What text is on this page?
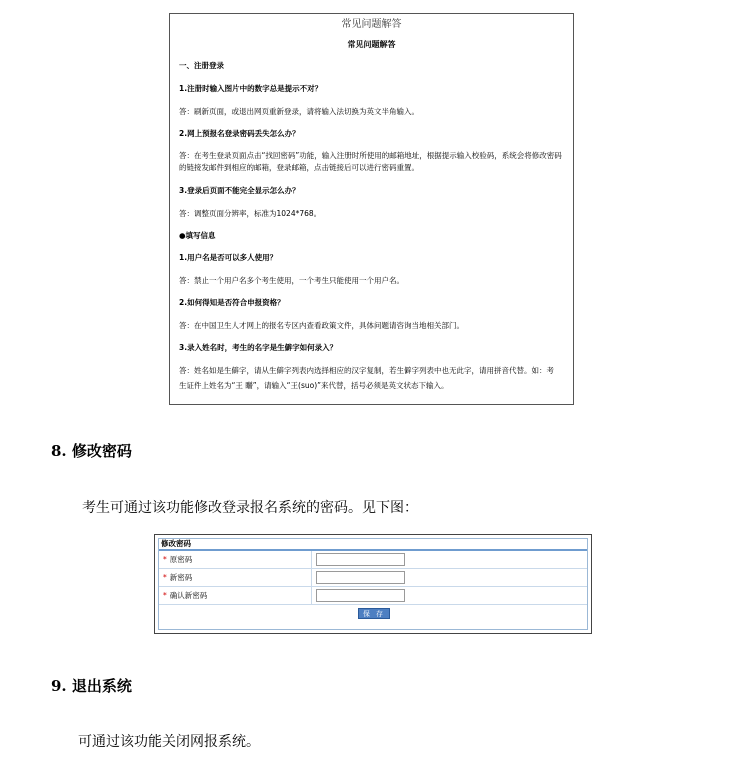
常见问题解答
常见问题解答
一、注册登录
1.注册时输入图片中的数字总是提示不对？
答：刷新页面，或退出网页重新登录，请将输入法切换为英文半角输入。
2.网上预报名登录密码丢失怎么办？
答：在考生登录页面点击“找回密码”功能，输入注册时所使用的邮箱地址，根据提示输入校验码，系统会将修改密码的链接发邮件到相应的邮箱，登录邮箱，点击链接后可以进行密码重置。
3.登录后页面不能完全显示怎么办？
答：调整页面分辨率，标准为1024*768。
●填写信息
1.用户名是否可以多人使用？
答：禁止一个用户名多个考生使用，一个考生只能使用一个用户名。
2.如何得知是否符合申报资格？
答：在中国卫生人才网上的报名专区内查看政策文件，具体问题请咨询当地相关部门。
3.录入姓名时，考生的名字是生僻字如何录入？
答：姓名如是生僻字，请从生僻字列表内选择相应的汉字复制，若生僻字列表中也无此字，请用拼音代替。如：考
生证件上姓名为“王 䂅”，请输入“王(suo)”来代替，括号必须是英文状态下输入。
8. 修改密码
考生可通过该功能修改登录报名系统的密码。见下图：
修改密码
* 原密码
* 新密码
* 确认新密码
保 存
9. 退出系统
可通过该功能关闭网报系统。
